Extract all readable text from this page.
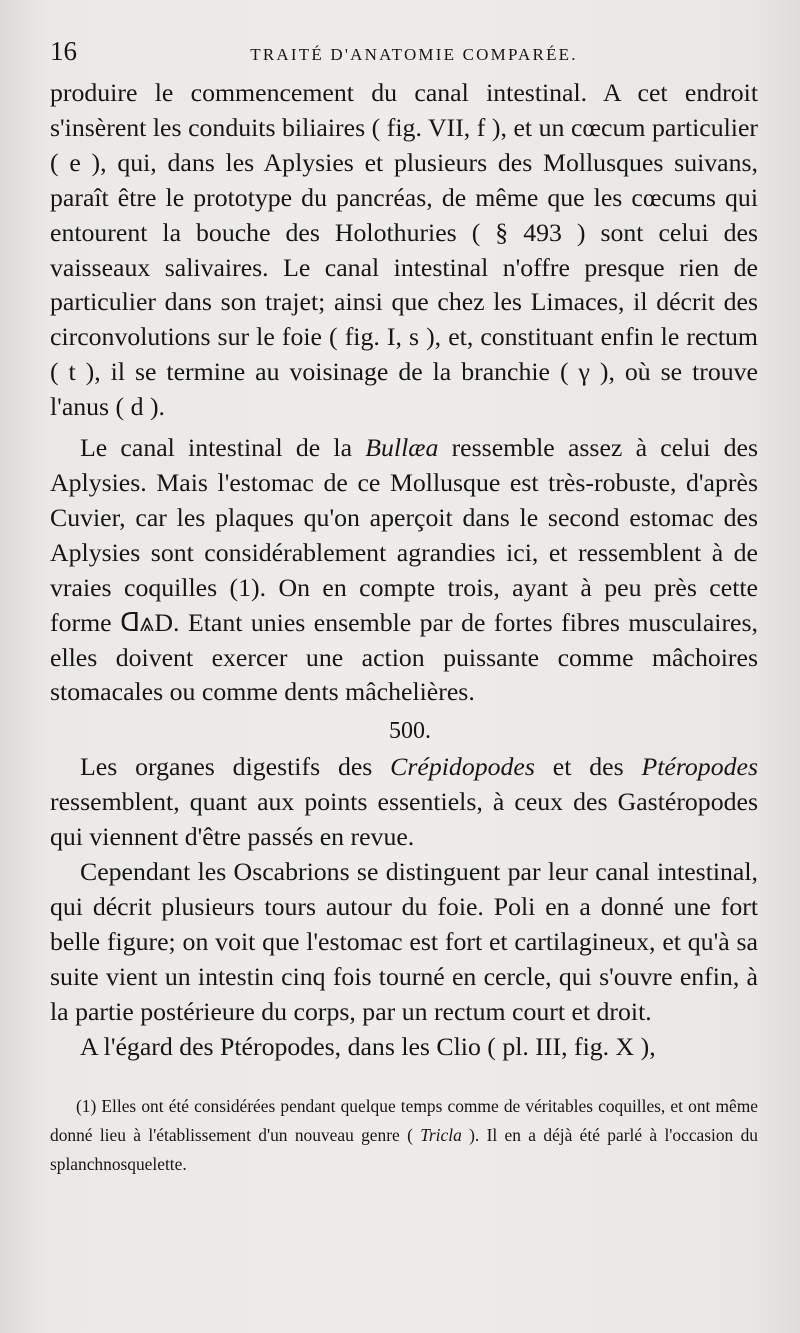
16	TRAITÉ D'ANATOMIE COMPARÉE.

produire le commencement du canal intestinal. A cet endroit s'insèrent les conduits biliaires ( fig. VII, f ), et un cœcum particulier ( e ), qui, dans les Aplysies et plusieurs des Mollusques suivans, paraît être le prototype du pancréas, de même que les cœcums qui entourent la bouche des Holothuries ( § 493 ) sont celui des vaisseaux salivaires. Le canal intestinal n'offre presque rien de particulier dans son trajet; ainsi que chez les Limaces, il décrit des circonvolutions sur le foie ( fig. I, s ), et, constituant enfin le rectum ( t ), il se termine au voisinage de la branchie ( γ ), où se trouve l'anus ( d ).

Le canal intestinal de la Bullæa ressemble assez à celui des Aplysies. Mais l'estomac de ce Mollusque est très-robuste, d'après Cuvier, car les plaques qu'on aperçoit dans le second estomac des Aplysies sont considérablement agrandies ici, et ressemblent à de vraies coquilles (1). On en compte trois, ayant à peu près cette forme ᗡ⩓D. Etant unies ensemble par de fortes fibres musculaires, elles doivent exercer une action puissante comme mâchoires stomacales ou comme dents mâchelières.

500.

Les organes digestifs des Crépidopodes et des Ptéropodes ressemblent, quant aux points essentiels, à ceux des Gastéropodes qui viennent d'être passés en revue.

Cependant les Oscabrions se distinguent par leur canal intestinal, qui décrit plusieurs tours autour du foie. Poli en a donné une fort belle figure; on voit que l'estomac est fort et cartilagineux, et qu'à sa suite vient un intestin cinq fois tourné en cercle, qui s'ouvre enfin, à la partie postérieure du corps, par un rectum court et droit.

A l'égard des Ptéropodes, dans les Clio ( pl. III, fig. X ),

(1) Elles ont été considérées pendant quelque temps comme de véritables coquilles, et ont même donné lieu à l'établissement d'un nouveau genre ( Tricla ). Il en a déjà été parlé à l'occasion du splanchnosquelette.
